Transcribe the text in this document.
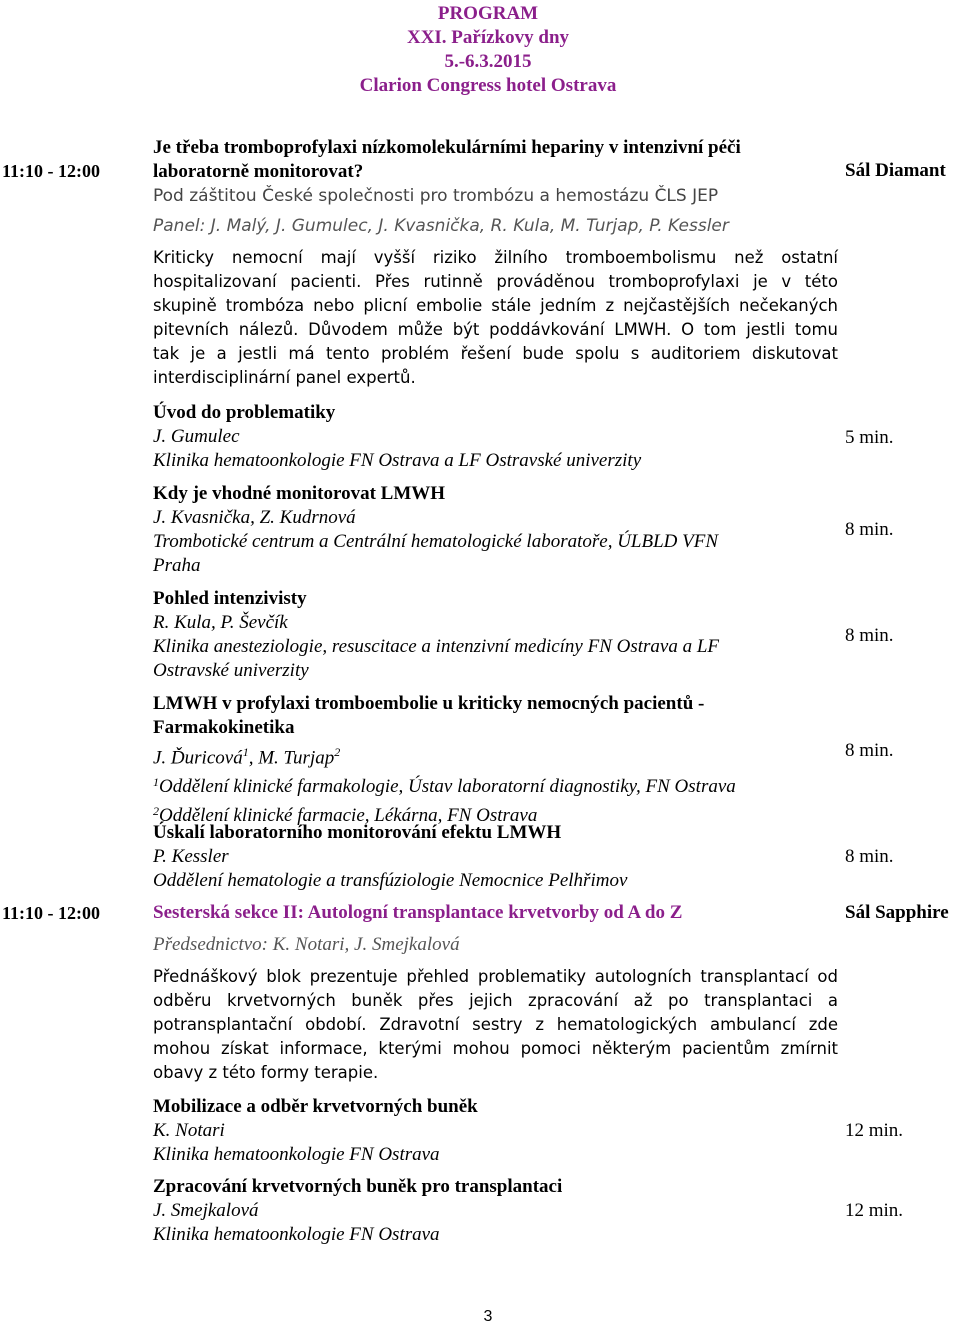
PROGRAM
XXI. Pařízkovy dny
5.-6.3.2015
Clarion Congress hotel Ostrava
11:10 - 12:00	Sál Diamant
Je třeba tromboprofylaxi nízkomolekulárními hepariny v intenzivní péči
laboratorně monitorovat?
Pod záštitou České společnosti pro trombózu a hemostázu ČLS JEP
Panel: J. Malý, J. Gumulec, J. Kvasnička, R. Kula, M. Turjap, P. Kessler
Kriticky nemocní mají vyšší riziko žilního tromboembolismu než ostatní
hospitalizovaní pacienti. Přes rutinně prováděnou tromboprofylaxi je v této
skupině trombóza nebo plicní embolie stále jedním z nejčastějších nečekaných
pitevních nálezů. Důvodem může být poddávkování LMWH. O tom jestli tomu
tak je a jestli má tento problém řešení bude spolu s auditoriem diskutovat
interdisciplinární panel expertů.
Úvod do problematiky
J. Gumulec
Klinika hematoonkologie FN Ostrava a LF Ostravské univerzity
5 min.
Kdy je vhodné monitorovat LMWH
J. Kvasnička, Z. Kudrnová
Trombotické centrum a Centrální hematologické laboratoře, ÚLBLD VFN
Praha
8 min.
Pohled intenzivisty
R. Kula, P. Ševčík
Klinika anesteziologie, resuscitace a intenzivní medicíny FN Ostrava a LF
Ostravské univerzity
8 min.
LMWH v profylaxi tromboembolie u kriticky nemocných pacientů -
Farmakokinetika
J. Ďuricová$^1$, M. Turjap$^2$
$^1$Oddělení klinické farmakologie, Ústav laboratorní diagnostiky, FN Ostrava
$^2$Oddělení klinické farmacie, Lékárna, FN Ostrava
8 min.
Úskalí laboratorního monitorování efektu LMWH
P. Kessler
Oddělení hematologie a transfúziologie Nemocnice Pelhřimov
8 min.
11:10 - 12:00	Sál Sapphire
Sesterská sekce II: Autologní transplantace krvetvorby od A do Z
Předsednictvo: K. Notari, J. Smejkalová
Přednáškový blok prezentuje přehled problematiky autologních transplantací od
odběru krvetvorných buněk přes jejich zpracování až po transplantaci a
potransplantační období. Zdravotní sestry z hematologických ambulancí zde
mohou získat informace, kterými mohou pomoci některým pacientům zmírnit
obavy z této formy terapie.
Mobilizace a odběr krvetvorných buněk
K. Notari
Klinika hematoonkologie FN Ostrava
12 min.
Zpracování krvetvorných buněk pro transplantaci
J. Smejkalová
Klinika hematoonkologie FN Ostrava
12 min.
3
